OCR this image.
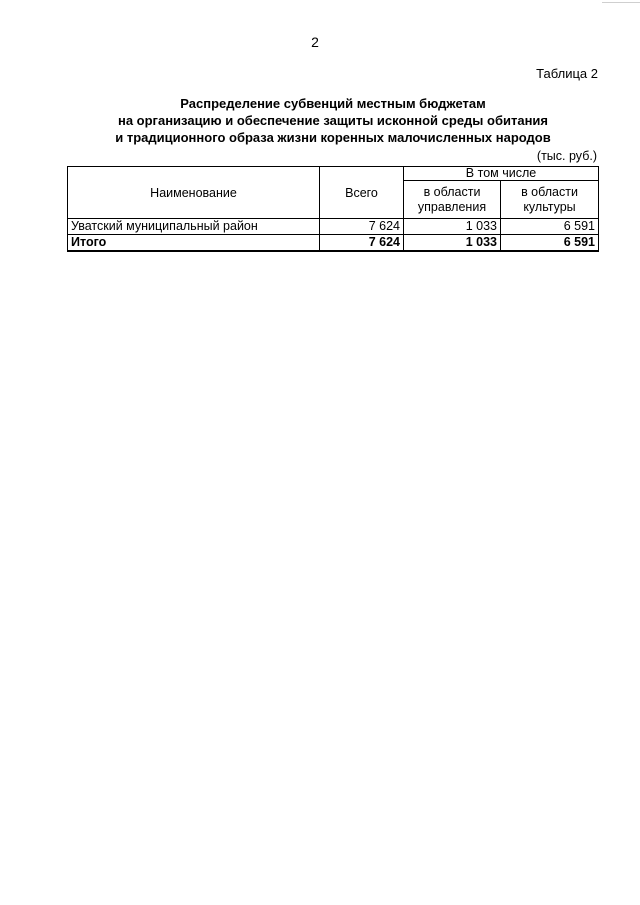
2
Таблица 2
Распределение субвенций местным бюджетам
на организацию и обеспечение защиты исконной среды обитания
и традиционного образа жизни коренных малочисленных народов
(тыс. руб.)
Наименование	Всего	В том числе	
		в области управления	в области культуры
Уватский муниципальный район	7 624	1 033	6 591
Итого	7 624	1 033	6 591
